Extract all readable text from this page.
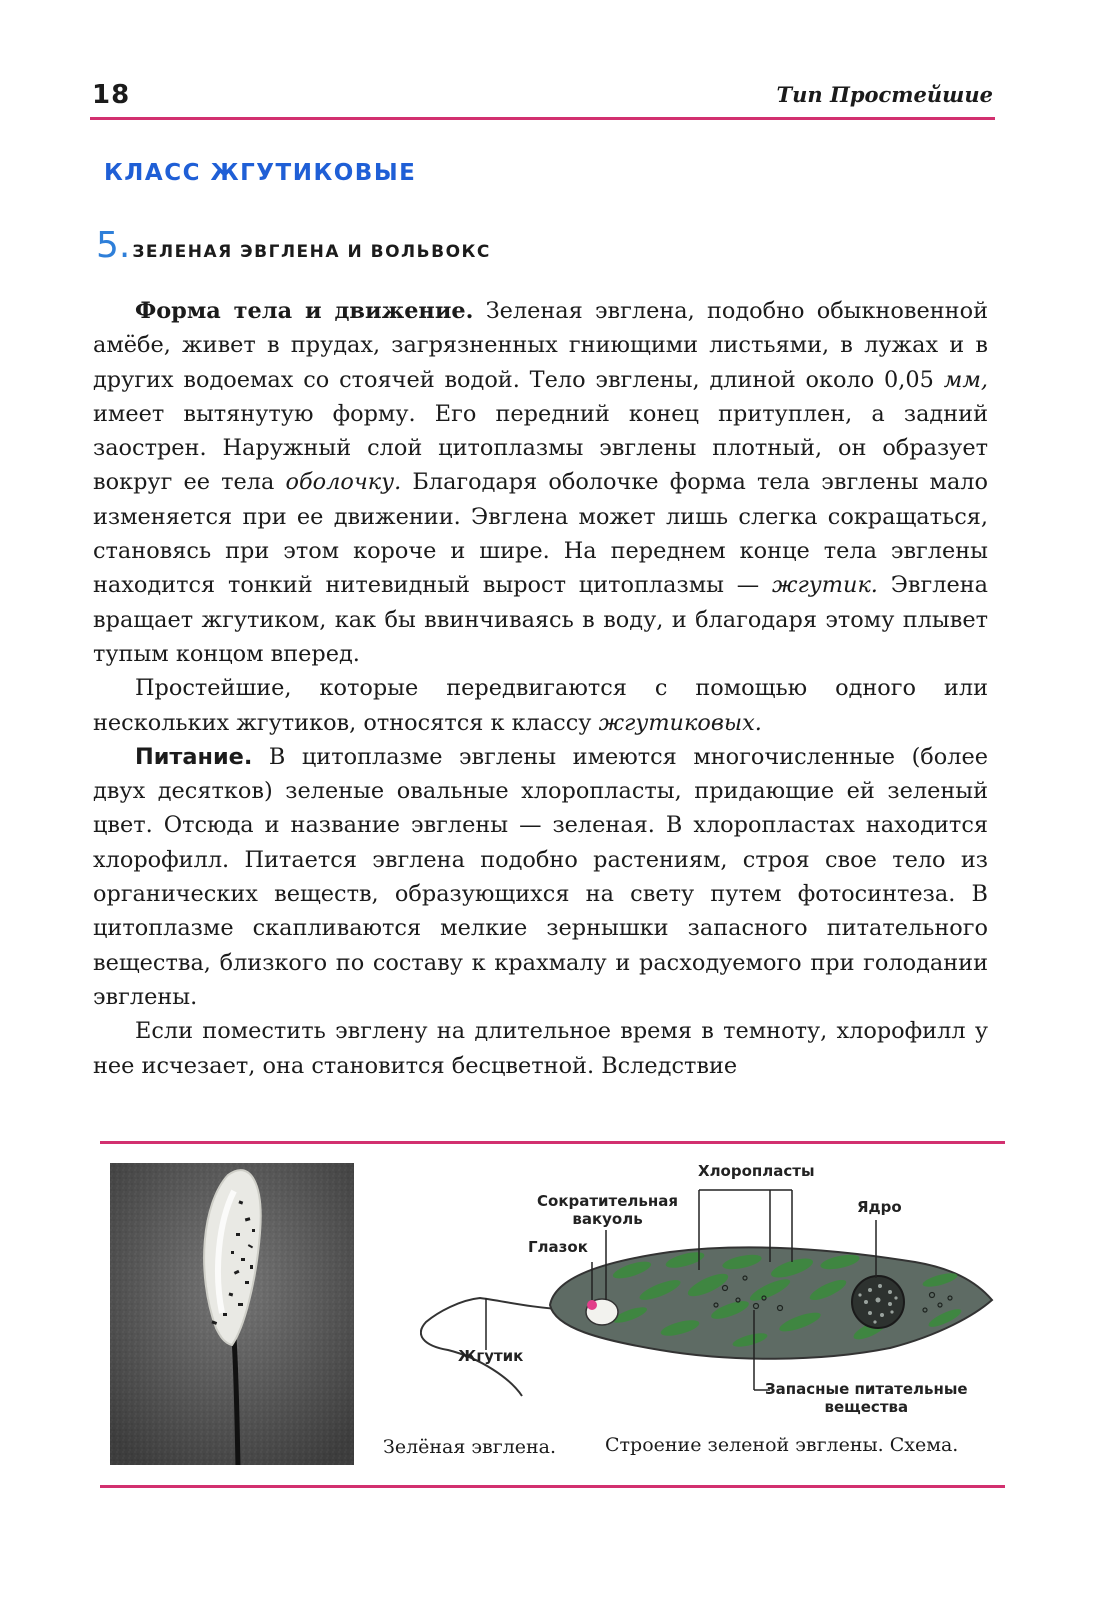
18	Тип Простейшие
КЛАСС ЖГУТИКОВЫЕ
5. ЗЕЛЕНАЯ ЭВГЛЕНА И ВОЛЬВОКС

Форма тела и движение. Зеленая эвглена, подобно обыкновенной амёбе, живет в прудах, загрязненных гниющими листьями, в лужах и в других водоемах со стоячей водой. Тело эвглены, длиной около 0,05 мм, имеет вытянутую форму. Его передний конец притуплен, а задний заострен. Наружный слой цитоплазмы эвглены плотный, он образует вокруг ее тела оболочку. Благодаря оболочке форма тела эвглены мало изменяется при ее движении. Эвглена может лишь слегка сокращаться, становясь при этом короче и шире. На переднем конце тела эвглены находится тонкий нитевидный вырост цитоплазмы — жгутик. Эвглена вращает жгутиком, как бы ввинчиваясь в воду, и благодаря этому плывет тупым концом вперед.

Простейшие, которые передвигаются с помощью одного или нескольких жгутиков, относятся к классу жгутиковых.

Питание. В цитоплазме эвглены имеются многочисленные (более двух десятков) зеленые овальные хлоропласты, придающие ей зеленый цвет. Отсюда и название эвглены — зеленая. В хлоропластах находится хлорофилл. Питается эвглена подобно растениям, строя свое тело из органических веществ, образующихся на свету путем фотосинтеза. В цитоплазме скапливаются мелкие зернышки запасного питательного вещества, близкого по составу к крахмалу и расходуемого при голодании эвглены.

Если поместить эвглену на длительное время в темноту, хлорофилл у нее исчезает, она становится бесцветной. Вследствие

Зелёная эвглена.
Хлоропласты
Сократительная
вакуоль
Ядро
Глазок
Жгутик
Запасные питательные
вещества
Строение зеленой эвглены. Схема.
